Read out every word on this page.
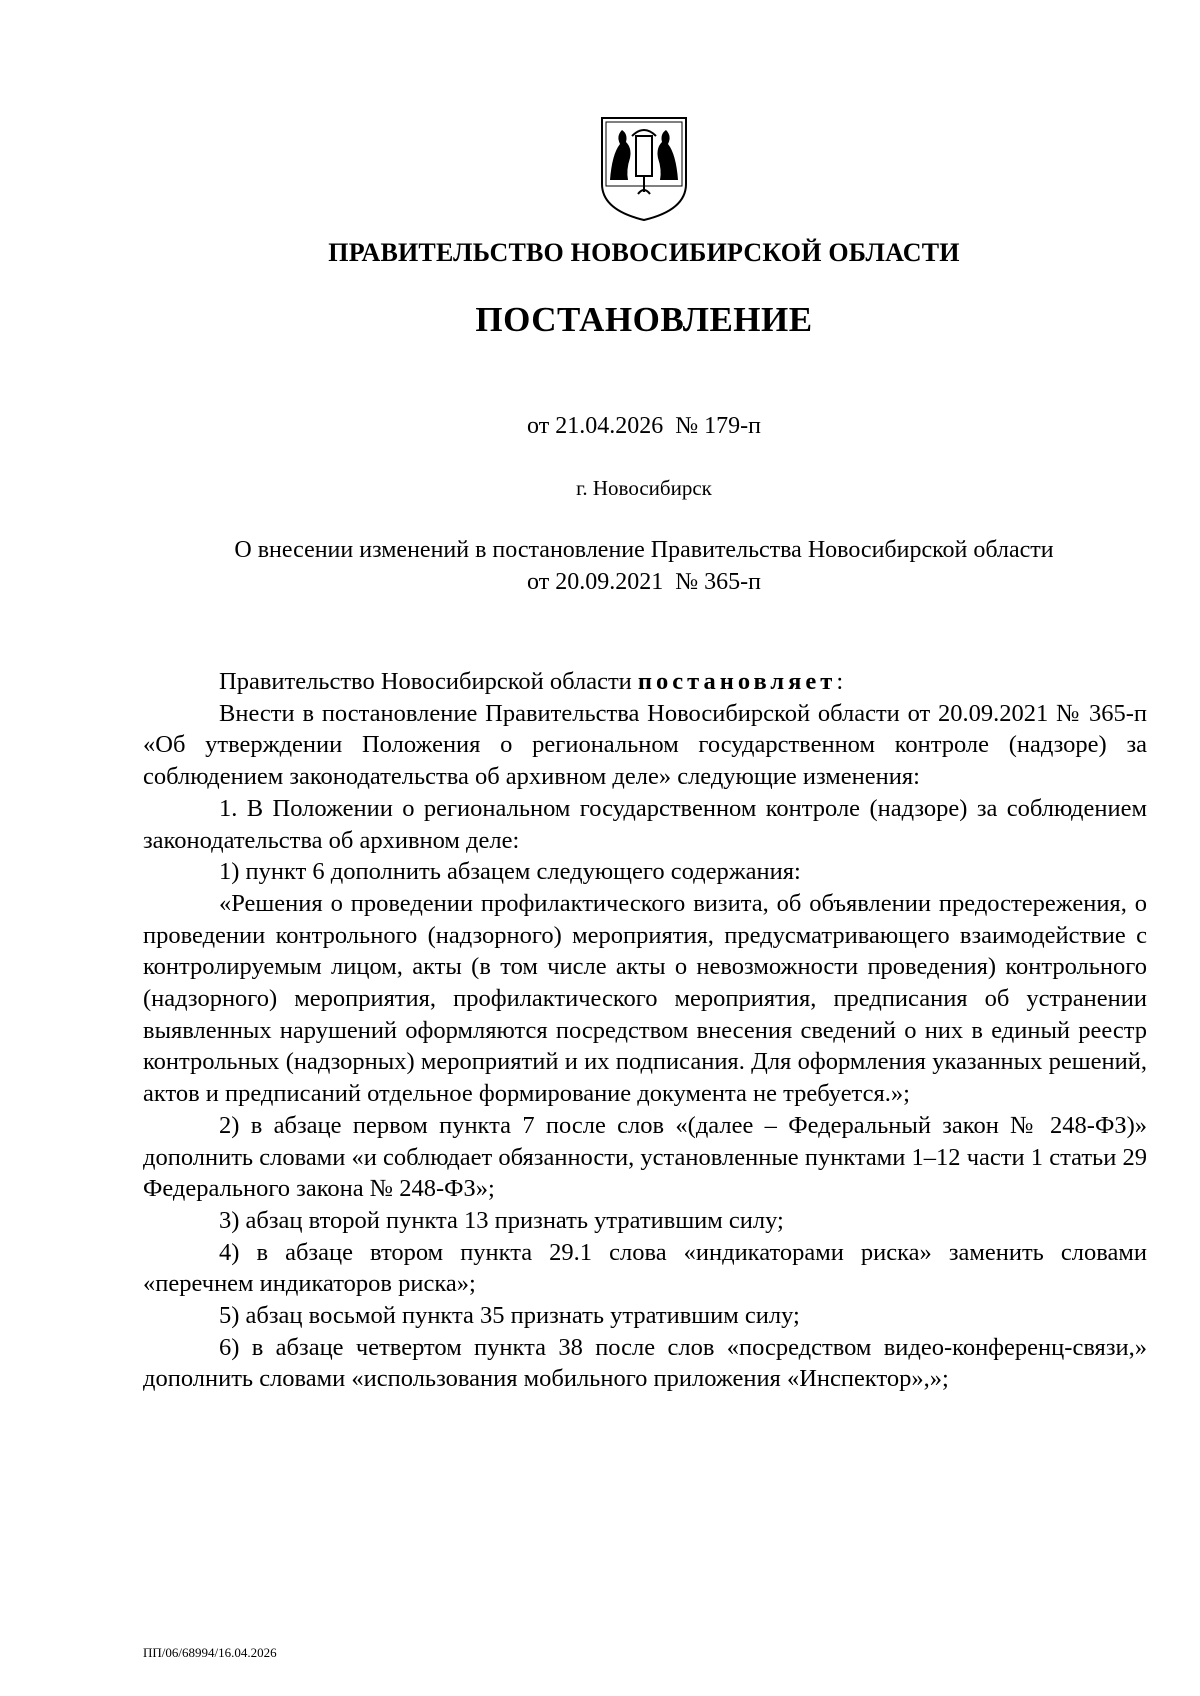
ПРАВИТЕЛЬСТВО НОВОСИБИРСКОЙ ОБЛАСТИ
ПОСТАНОВЛЕНИЕ
от 21.04.2026 № 179-п
г. Новосибирск
О внесении изменений в постановление Правительства Новосибирской области
от 20.09.2021  № 365-п

Правительство Новосибирской области постановляет:

Внести в постановление Правительства Новосибирской области от 20.09.2021 № 365-п «Об утверждении Положения о региональном государственном контроле (надзоре) за соблюдением законодательства об архивном деле» следующие изменения:

1. В Положении о региональном государственном контроле (надзоре) за соблюдением законодательства об архивном деле:

1) пункт 6 дополнить абзацем следующего содержания:

«Решения о проведении профилактического визита, об объявлении предостережения, о проведении контрольного (надзорного) мероприятия, предусматривающего взаимодействие с контролируемым лицом, акты (в том числе акты о невозможности проведения) контрольного (надзорного) мероприятия, профилактического мероприятия, предписания об устранении выявленных нарушений оформляются посредством внесения сведений о них в единый реестр контрольных (надзорных) мероприятий и их подписания. Для оформления указанных решений, актов и предписаний отдельное формирование документа не требуется.»;

2) в абзаце первом пункта 7 после слов «(далее – Федеральный закон № 248-ФЗ)» дополнить словами «и соблюдает обязанности, установленные пунктами 1–12 части 1 статьи 29 Федерального закона № 248-ФЗ»;

3) абзац второй пункта 13 признать утратившим силу;

4) в абзаце втором пункта 29.1 слова «индикаторами риска» заменить словами «перечнем индикаторов риска»;

5) абзац восьмой пункта 35 признать утратившим силу;

6) в абзаце четвертом пункта 38 после слов «посредством видео-конференц-связи,» дополнить словами «использования мобильного приложения «Инспектор»,»;

ПП/06/68994/16.04.2026
